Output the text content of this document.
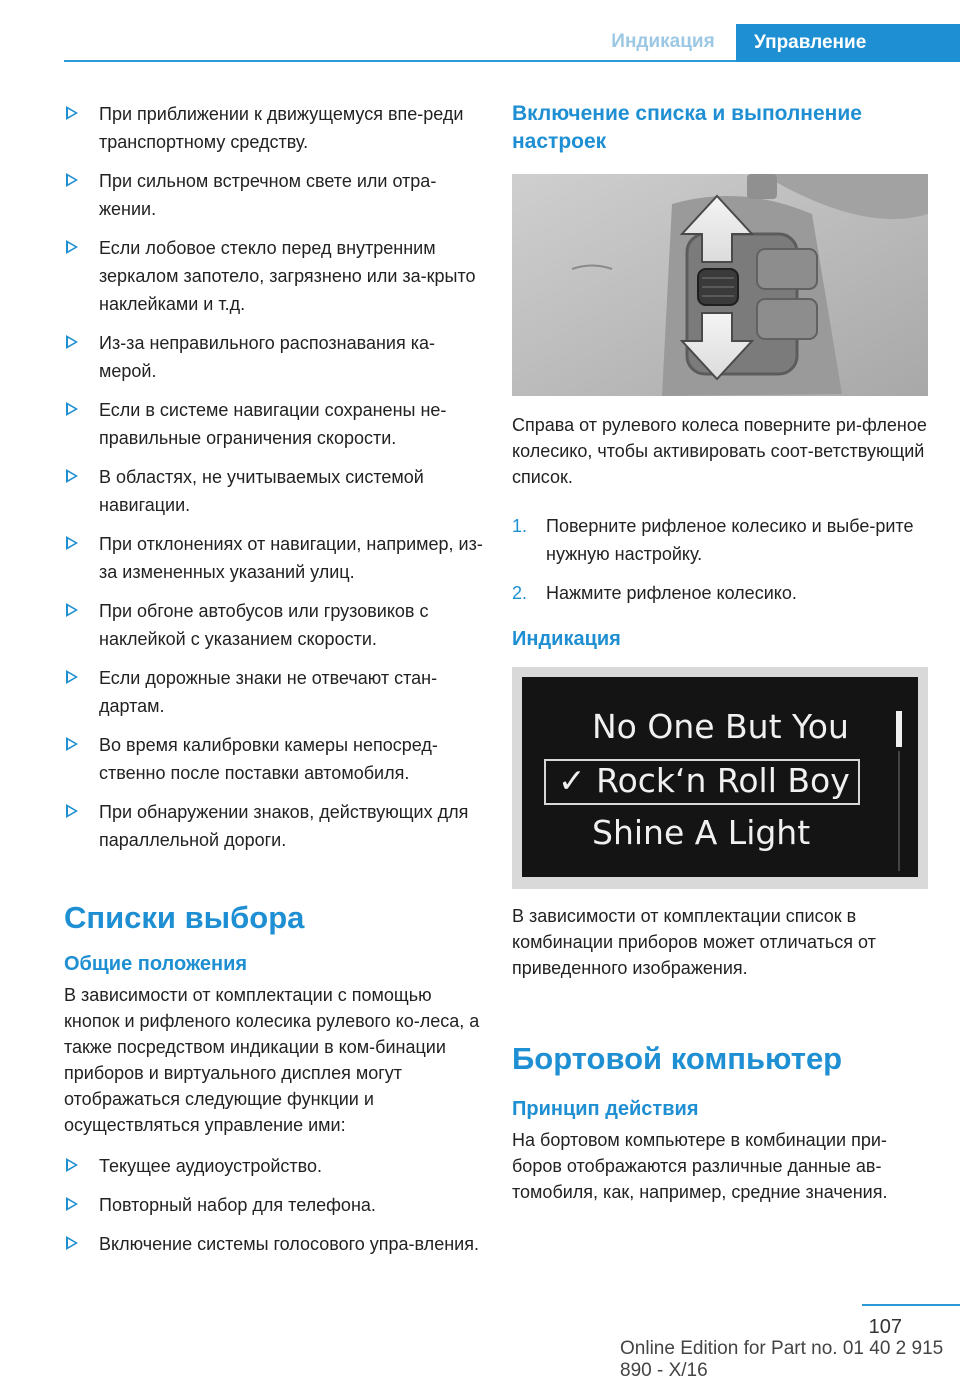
Индикация	Управление
При приближении к движущемуся впе-реди транспортному средству.
При сильном встречном свете или отра-жении.
Если лобовое стекло перед внутренним зеркалом запотело, загрязнено или за-крыто наклейками и т.д.
Из-за неправильного распознавания ка-мерой.
Если в системе навигации сохранены не-правильные ограничения скорости.
В областях, не учитываемых системой навигации.
При отклонениях от навигации, например, из-за измененных указаний улиц.
При обгоне автобусов или грузовиков с наклейкой с указанием скорости.
Если дорожные знаки не отвечают стан-дартам.
Во время калибровки камеры непосред-ственно после поставки автомобиля.
При обнаружении знаков, действующих для параллельной дороги.
Списки выбора
Общие положения

В зависимости от комплектации с помощью кнопок и рифленого колесика рулевого ко-леса, а также посредством индикации в ком-бинации приборов и виртуального дисплея могут отображаться следующие функции и осуществляться управление ими:

Текущее аудиоустройство.
Повторный набор для телефона.
Включение системы голосового упра-вления.
Включение списка и выполнение настроек

Справа от рулевого колеса поверните ри-фленое колесико, чтобы активировать соот-ветствующий список.

1. Поверните рифленое колесико и выбе-рите нужную настройку.
2. Нажмите рифленое колесико.
Индикация
No One But You
✓ Rock‘n Roll Boy
Shine A Light

В зависимости от комплектации список в комбинации приборов может отличаться от приведенного изображения.

Бортовой компьютер
Принцип действия

На бортовом компьютере в комбинации при-боров отображаются различные данные ав-томобиля, как, например, средние значения.

107
Online Edition for Part no. 01 40 2 915 890 - X/16
